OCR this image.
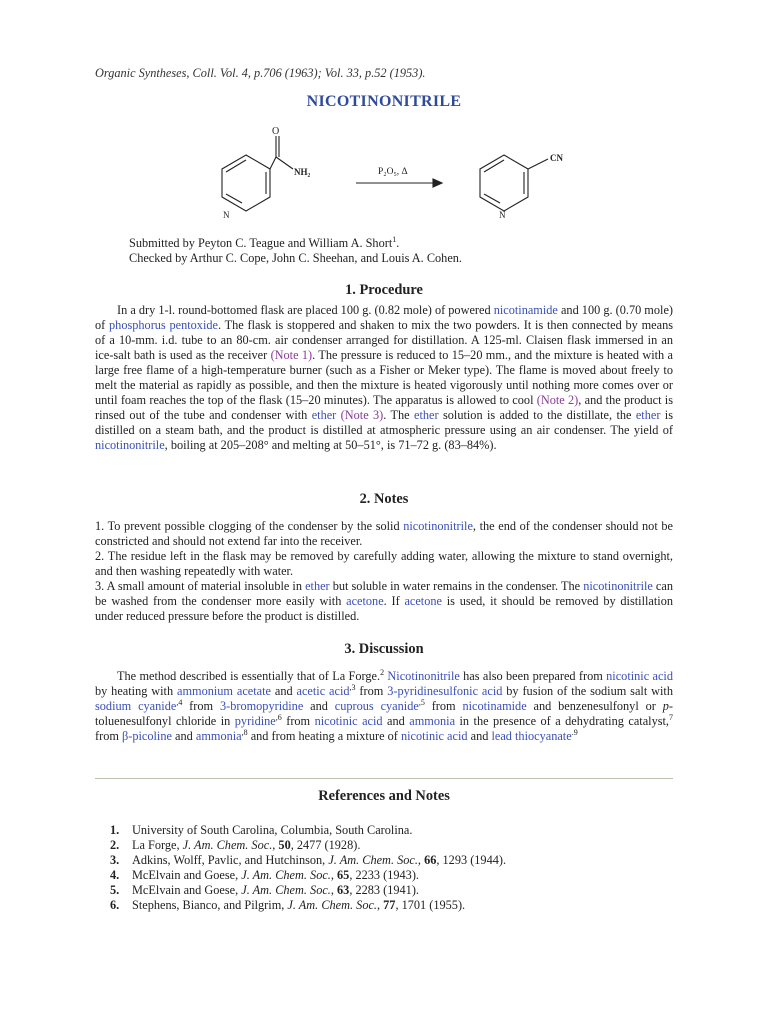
Organic Syntheses, Coll. Vol. 4, p.706 (1963); Vol. 33, p.52 (1953).
NICOTINONITRILE
O
NH₂
N
P₂O₅, Δ
CN
N
Submitted by Peyton C. Teague and William A. Short$^1$.
Checked by Arthur C. Cope, John C. Sheehan, and Louis A. Cohen.
1. Procedure
In a dry 1-l. round-bottomed flask are placed 100 g. (0.82 mole) of powered nicotinamide and 100 g. (0.70 mole) of phosphorus pentoxide. The flask is stoppered and shaken to mix the two powders. It is then connected by means of a 10-mm. i.d. tube to an 80-cm. air condenser arranged for distillation. A 125-ml. Claisen flask immersed in an ice-salt bath is used as the receiver (Note 1). The pressure is reduced to 15–20 mm., and the mixture is heated with a large free flame of a high-temperature burner (such as a Fisher or Meker type). The flame is moved about freely to melt the material as rapidly as possible, and then the mixture is heated vigorously until nothing more comes over or until foam reaches the top of the flask (15–20 minutes). The apparatus is allowed to cool (Note 2), and the product is rinsed out of the tube and condenser with ether (Note 3). The ether solution is added to the distillate, the ether is distilled on a steam bath, and the product is distilled at atmospheric pressure using an air condenser. The yield of nicotinonitrile, boiling at 205–208° and melting at 50–51°, is 71–72 g. (83–84%).
2. Notes

1. To prevent possible clogging of the condenser by the solid nicotinonitrile, the end of the condenser should not be constricted and should not extend far into the receiver.

2. The residue left in the flask may be removed by carefully adding water, allowing the mixture to stand overnight, and then washing repeatedly with water.

3. A small amount of material insoluble in ether but soluble in water remains in the condenser. The nicotinonitrile can be washed from the condenser more easily with acetone. If acetone is used, it should be removed by distillation under reduced pressure before the product is distilled.

3. Discussion
The method described is essentially that of La Forge.$^2$ Nicotinonitrile has also been prepared from nicotinic acid by heating with ammonium acetate and acetic acid$^{,3}$ from 3-pyridinesulfonic acid by fusion of the sodium salt with sodium cyanide$^{,4}$ from 3-bromopyridine and cuprous cyanide$^{,5}$ from nicotinamide and benzenesulfonyl or p-toluenesulfonyl chloride in pyridine$^{,6}$ from nicotinic acid and ammonia in the presence of a dehydrating catalyst,$^7$ from β-picoline and ammonia$^{,8}$ and from heating a mixture of nicotinic acid and lead thiocyanate$^{.9}$
References and Notes
1.	University of South Carolina, Columbia, South Carolina.
2.	La Forge, J. Am. Chem. Soc., 50, 2477 (1928).
3.	Adkins, Wolff, Pavlic, and Hutchinson, J. Am. Chem. Soc., 66, 1293 (1944).
4.	McElvain and Goese, J. Am. Chem. Soc., 65, 2233 (1943).
5.	McElvain and Goese, J. Am. Chem. Soc., 63, 2283 (1941).
6.	Stephens, Bianco, and Pilgrim, J. Am. Chem. Soc., 77, 1701 (1955).
